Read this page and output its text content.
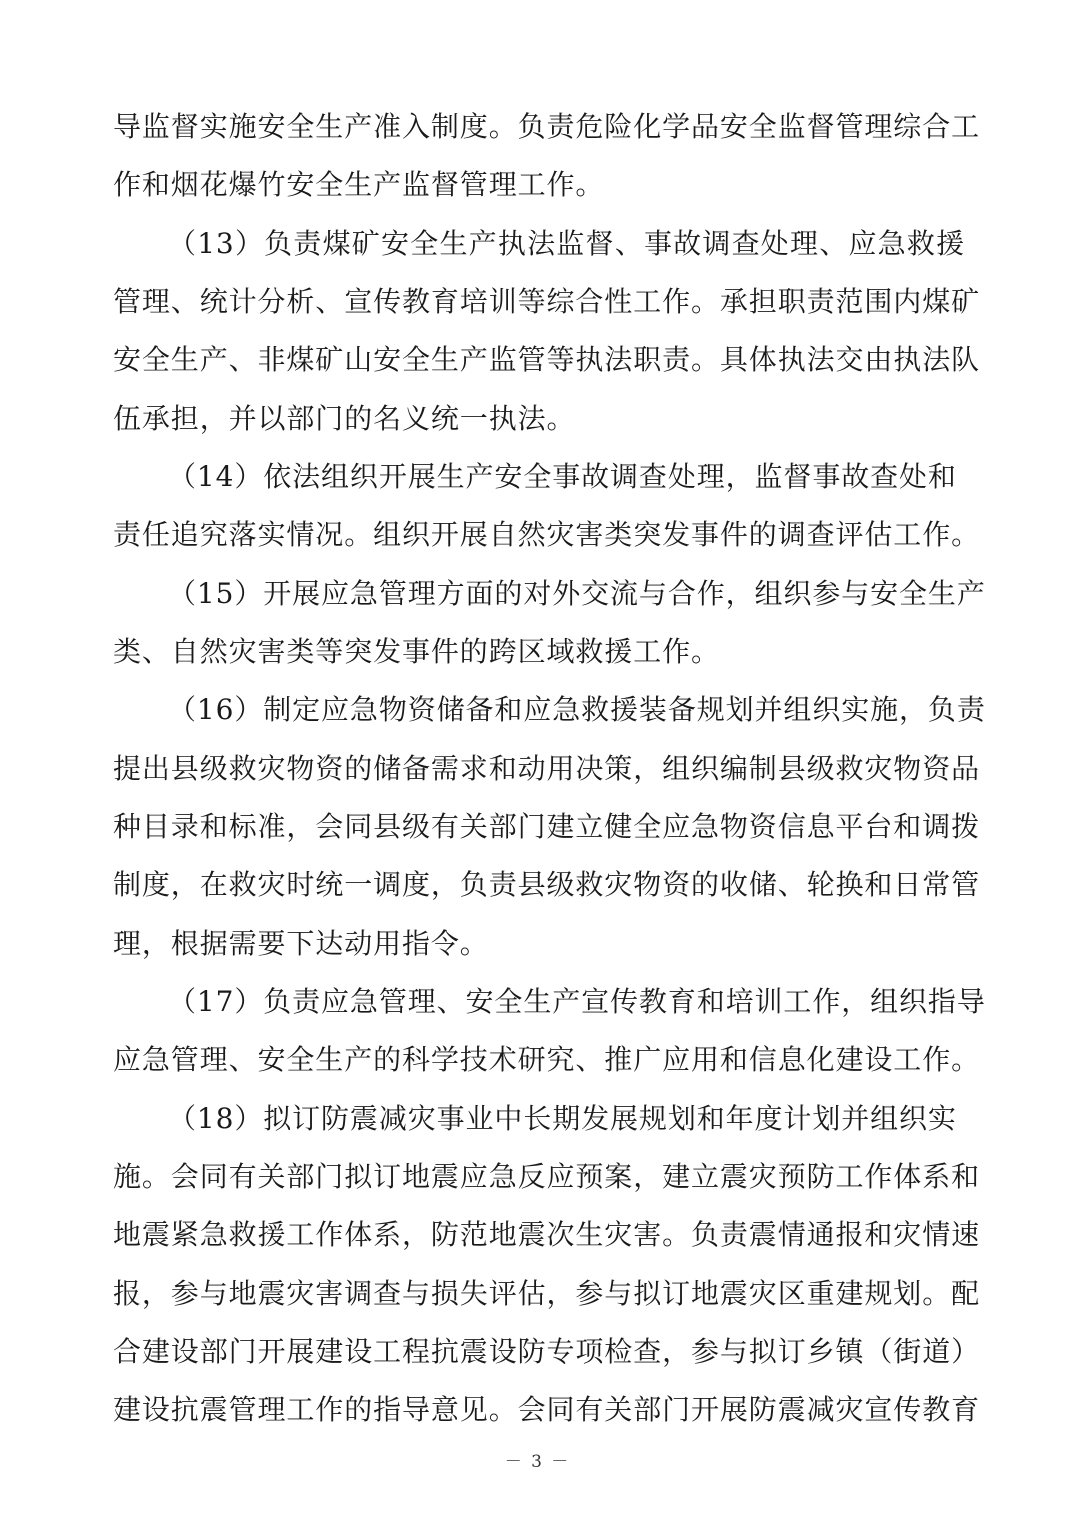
导监督实施安全生产准入制度。负责危险化学品安全监督管理综合工
作和烟花爆竹安全生产监督管理工作。
（13）负责煤矿安全生产执法监督、事故调查处理、应急救援
管理、统计分析、宣传教育培训等综合性工作。承担职责范围内煤矿
安全生产、非煤矿山安全生产监管等执法职责。具体执法交由执法队
伍承担，并以部门的名义统一执法。
（14）依法组织开展生产安全事故调查处理，监督事故查处和
责任追究落实情况。组织开展自然灾害类突发事件的调查评估工作。
（15）开展应急管理方面的对外交流与合作，组织参与安全生产
类、自然灾害类等突发事件的跨区域救援工作。
（16）制定应急物资储备和应急救援装备规划并组织实施，负责
提出县级救灾物资的储备需求和动用决策，组织编制县级救灾物资品
种目录和标准，会同县级有关部门建立健全应急物资信息平台和调拨
制度，在救灾时统一调度，负责县级救灾物资的收储、轮换和日常管
理，根据需要下达动用指令。
（17）负责应急管理、安全生产宣传教育和培训工作，组织指导
应急管理、安全生产的科学技术研究、推广应用和信息化建设工作。
（18）拟订防震减灾事业中长期发展规划和年度计划并组织实
施。会同有关部门拟订地震应急反应预案，建立震灾预防工作体系和
地震紧急救援工作体系，防范地震次生灾害。负责震情通报和灾情速
报，参与地震灾害调查与损失评估，参与拟订地震灾区重建规划。配
合建设部门开展建设工程抗震设防专项检查，参与拟订乡镇（街道）
建设抗震管理工作的指导意见。会同有关部门开展防震减灾宣传教育
－ 3 －
